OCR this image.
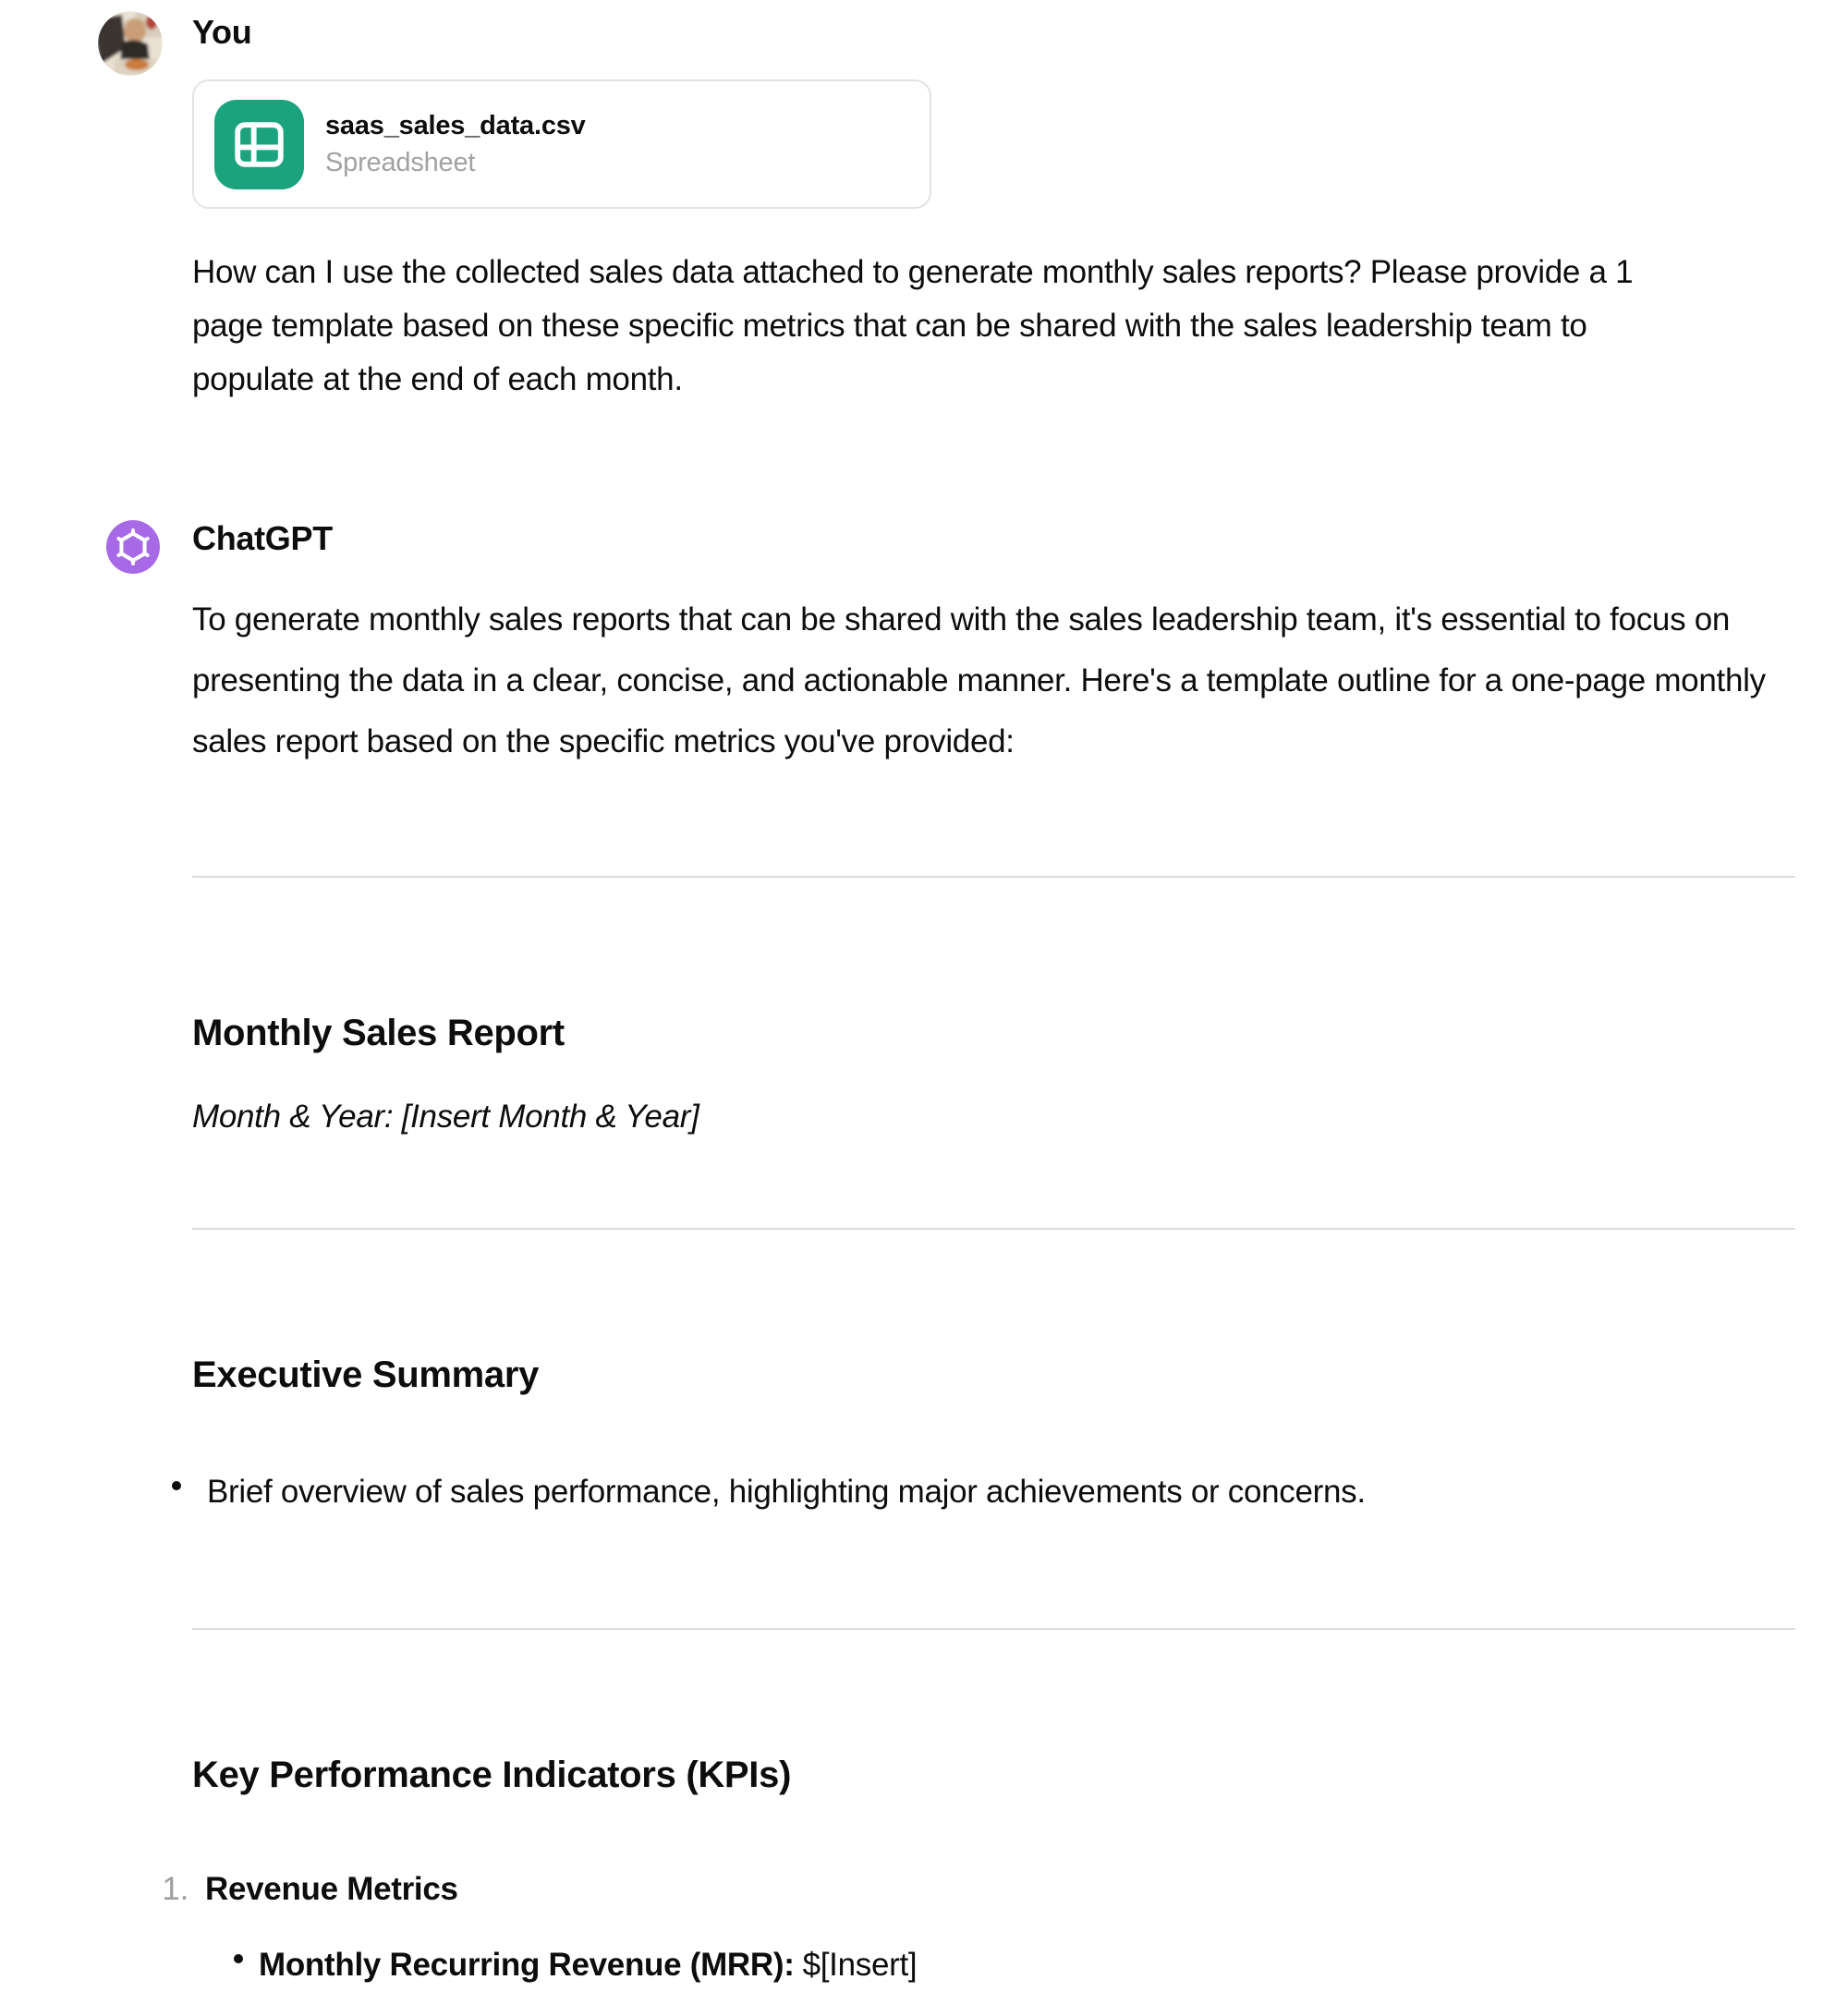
You
saas_sales_data.csv
Spreadsheet
How can I use the collected sales data attached to generate monthly sales reports? Please provide a 1 page template based on these specific metrics that can be shared with the sales leadership team to populate at the end of each month.
ChatGPT
To generate monthly sales reports that can be shared with the sales leadership team, it's essential to focus on presenting the data in a clear, concise, and actionable manner. Here's a template outline for a one-page monthly sales report based on the specific metrics you've provided:
Monthly Sales Report
Month & Year: [Insert Month & Year]
Executive Summary
Brief overview of sales performance, highlighting major achievements or concerns.
Key Performance Indicators (KPIs)
1. Revenue Metrics
Monthly Recurring Revenue (MRR): $[Insert]
